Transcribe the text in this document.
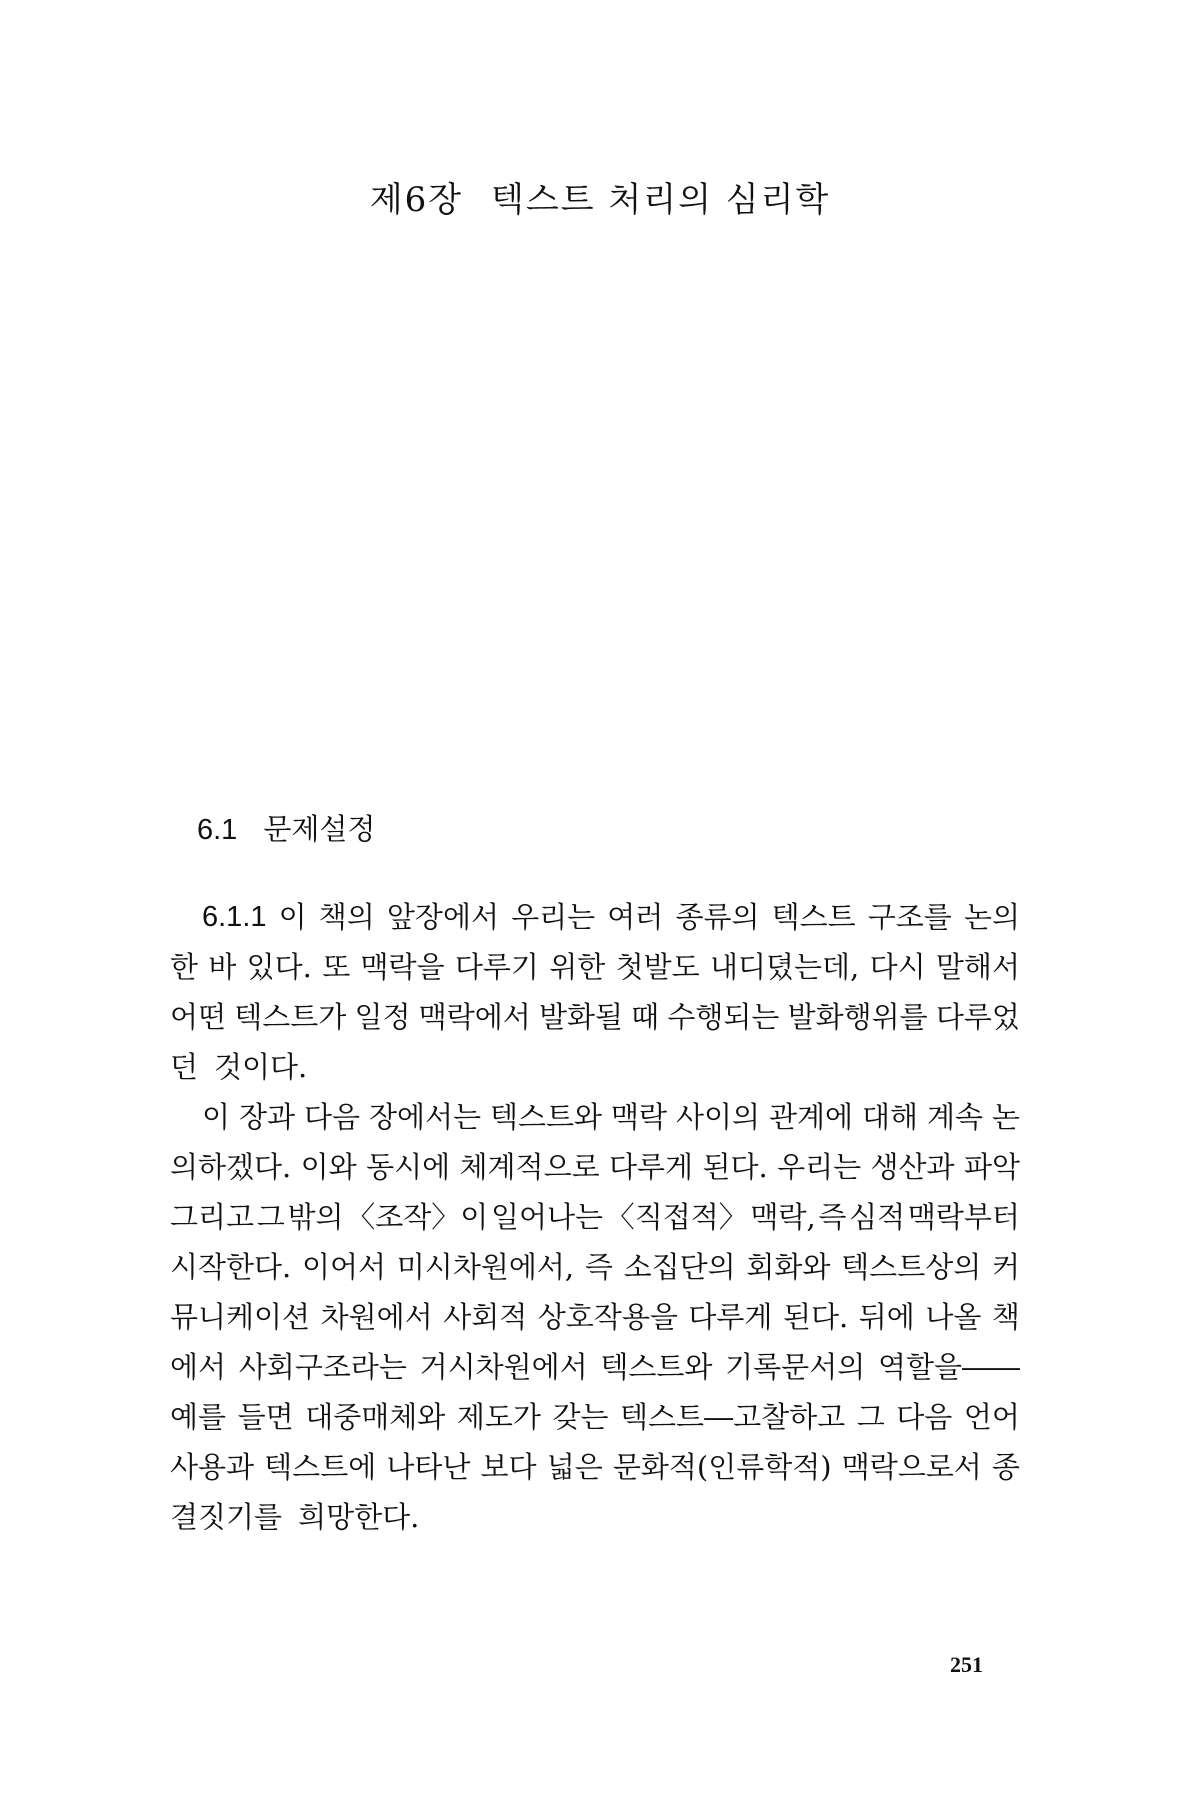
제6장 텍스트 처리의 심리학
6.1 문제설정
6.1.1 이 책의 앞장에서 우리는 여러 종류의 텍스트 구조를 논의
한 바 있다. 또 맥락을 다루기 위한 첫발도 내디뎠는데, 다시 말해서
어떤 텍스트가 일정 맥락에서 발화될 때 수행되는 발화행위를 다루었
던 것이다.
이 장과 다음 장에서는 텍스트와 맥락 사이의 관계에 대해 계속 논
의하겠다. 이와 동시에 체계적으로 다루게 된다. 우리는 생산과 파악
그리고 그 밖의 〈조작〉이 일어나는 〈직접적〉 맥락, 즉 심적 맥락부터
시작한다. 이어서 미시차원에서, 즉 소집단의 회화와 텍스트상의 커
뮤니케이션 차원에서 사회적 상호작용을 다루게 된다. 뒤에 나올 책
에서 사회구조라는 거시차원에서 텍스트와 기록문서의 역할을――
예를 들면 대중매체와 제도가 갖는 텍스트―고찰하고 그 다음 언어
사용과 텍스트에 나타난 보다 넓은 문화적(인류학적) 맥락으로서 종
결짓기를 희망한다.
251
